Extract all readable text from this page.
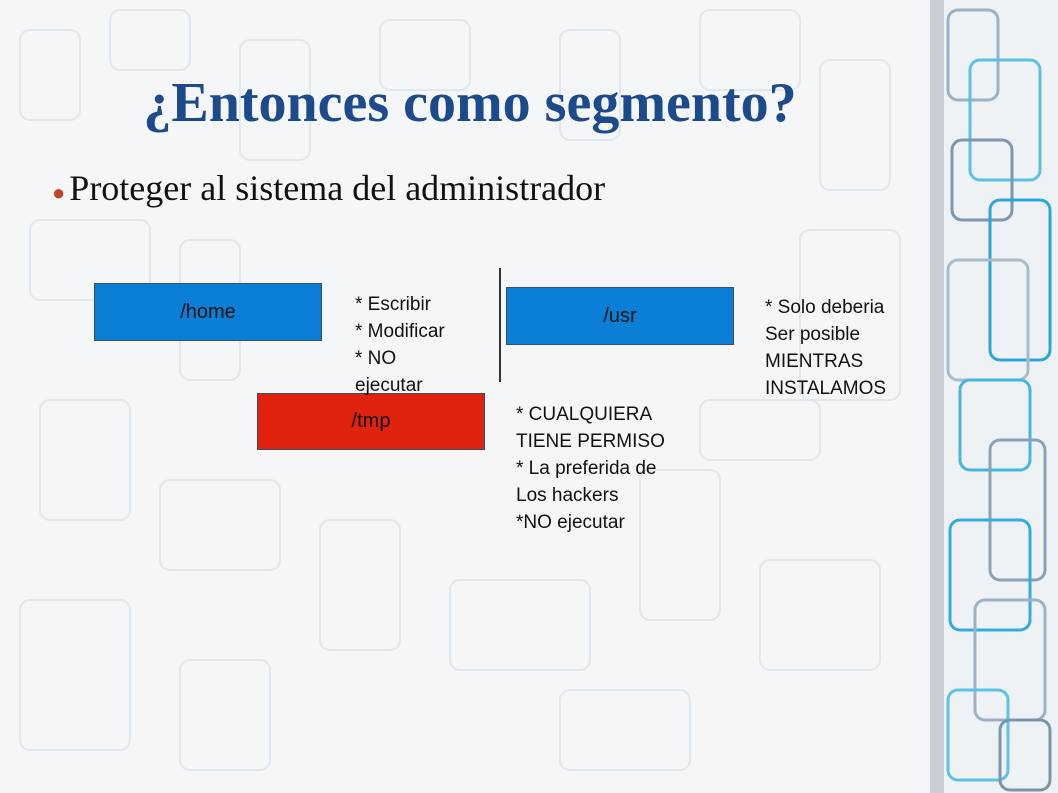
¿Entonces como segmento?
● Proteger al sistema del administrador
/home	/usr
/tmp

* Escribir

* Modificar

* NO

ejecutar

* Solo deberia

Ser posible

MIENTRAS

INSTALAMOS

* CUALQUIERA

TIENE PERMISO

* La preferida de

Los hackers

*NO ejecutar
